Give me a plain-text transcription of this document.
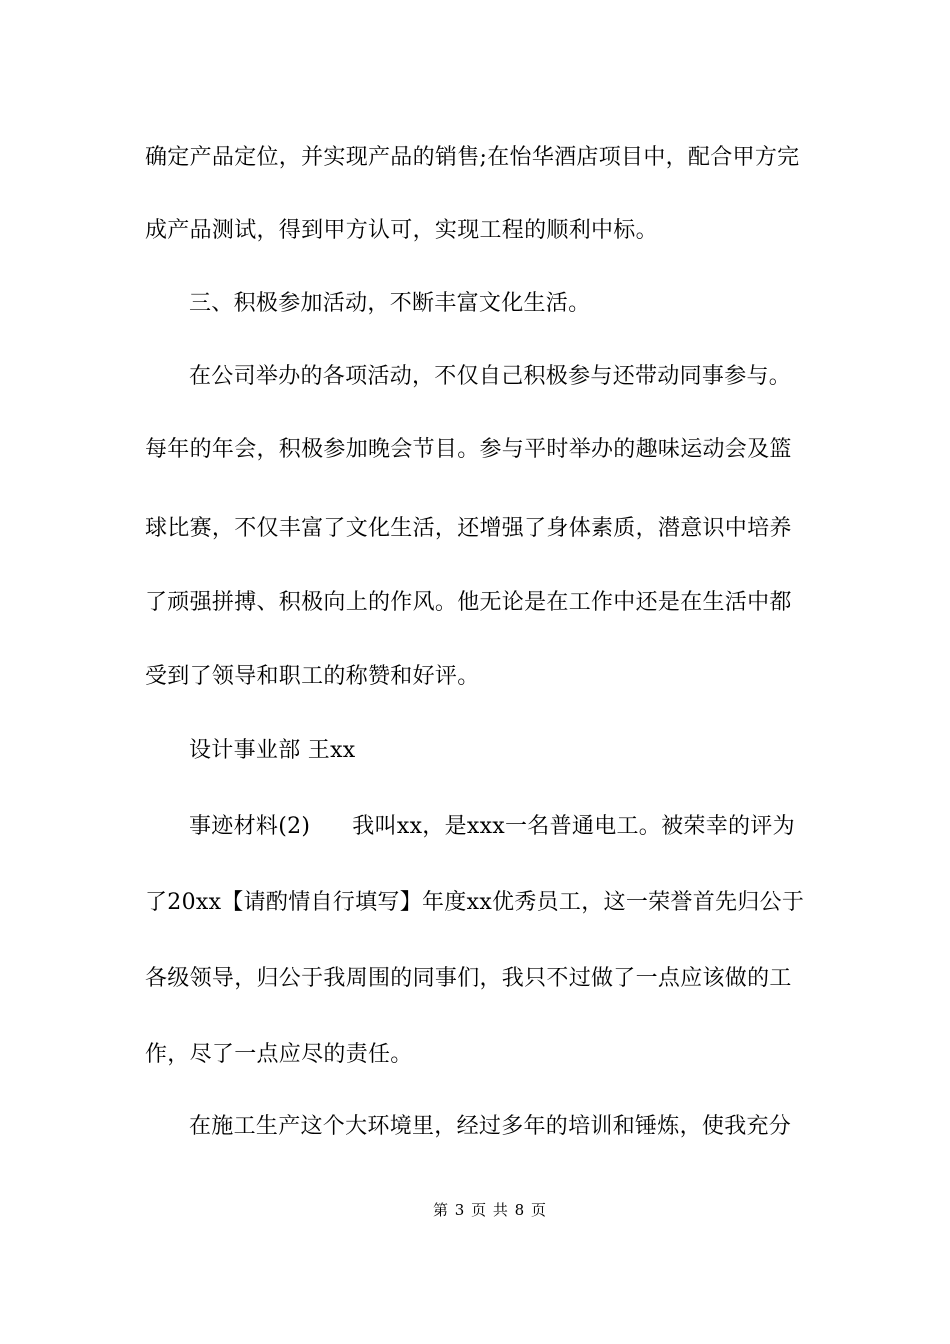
确定产品定位，并实现产品的销售;在怡华酒店项目中，配合甲方完
成产品测试，得到甲方认可，实现工程的顺利中标。
三、积极参加活动，不断丰富文化生活。
在公司举办的各项活动，不仅自己积极参与还带动同事参与。
每年的年会，积极参加晚会节目。参与平时举办的趣味运动会及篮
球比赛，不仅丰富了文化生活，还增强了身体素质，潜意识中培养
了顽强拼搏、积极向上的作风。他无论是在工作中还是在生活中都
受到了领导和职工的称赞和好评。
设计事业部 王xx
事迹材料(2) 我叫xx，是xxx一名普通电工。被荣幸的评为
了20xx【请酌情自行填写】年度xx优秀员工，这一荣誉首先归公于
各级领导，归公于我周围的同事们，我只不过做了一点应该做的工
作，尽了一点应尽的责任。
在施工生产这个大环境里，经过多年的培训和锤炼，使我充分
第 3 页 共 8 页
